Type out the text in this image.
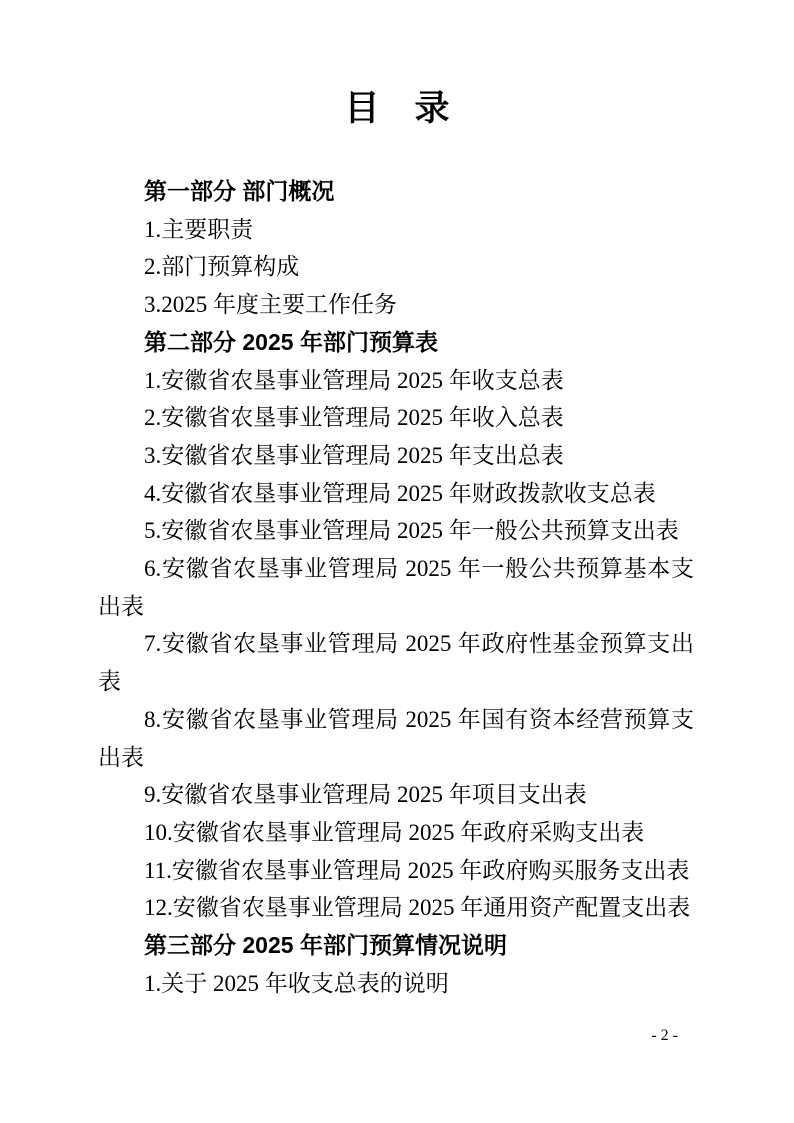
目　录

第一部分 部门概况

1.主要职责

2.部门预算构成

3.2025 年度主要工作任务

第二部分 2025 年部门预算表

1.安徽省农垦事业管理局 2025 年收支总表

2.安徽省农垦事业管理局 2025 年收入总表

3.安徽省农垦事业管理局 2025 年支出总表

4.安徽省农垦事业管理局 2025 年财政拨款收支总表

5.安徽省农垦事业管理局 2025 年一般公共预算支出表

6.安徽省农垦事业管理局 2025 年一般公共预算基本支出表

7.安徽省农垦事业管理局 2025 年政府性基金预算支出表

8.安徽省农垦事业管理局 2025 年国有资本经营预算支出表

9.安徽省农垦事业管理局 2025 年项目支出表

10.安徽省农垦事业管理局 2025 年政府采购支出表

11.安徽省农垦事业管理局 2025 年政府购买服务支出表

12.安徽省农垦事业管理局 2025 年通用资产配置支出表

第三部分 2025 年部门预算情况说明

1.关于 2025 年收支总表的说明

- 2 -
